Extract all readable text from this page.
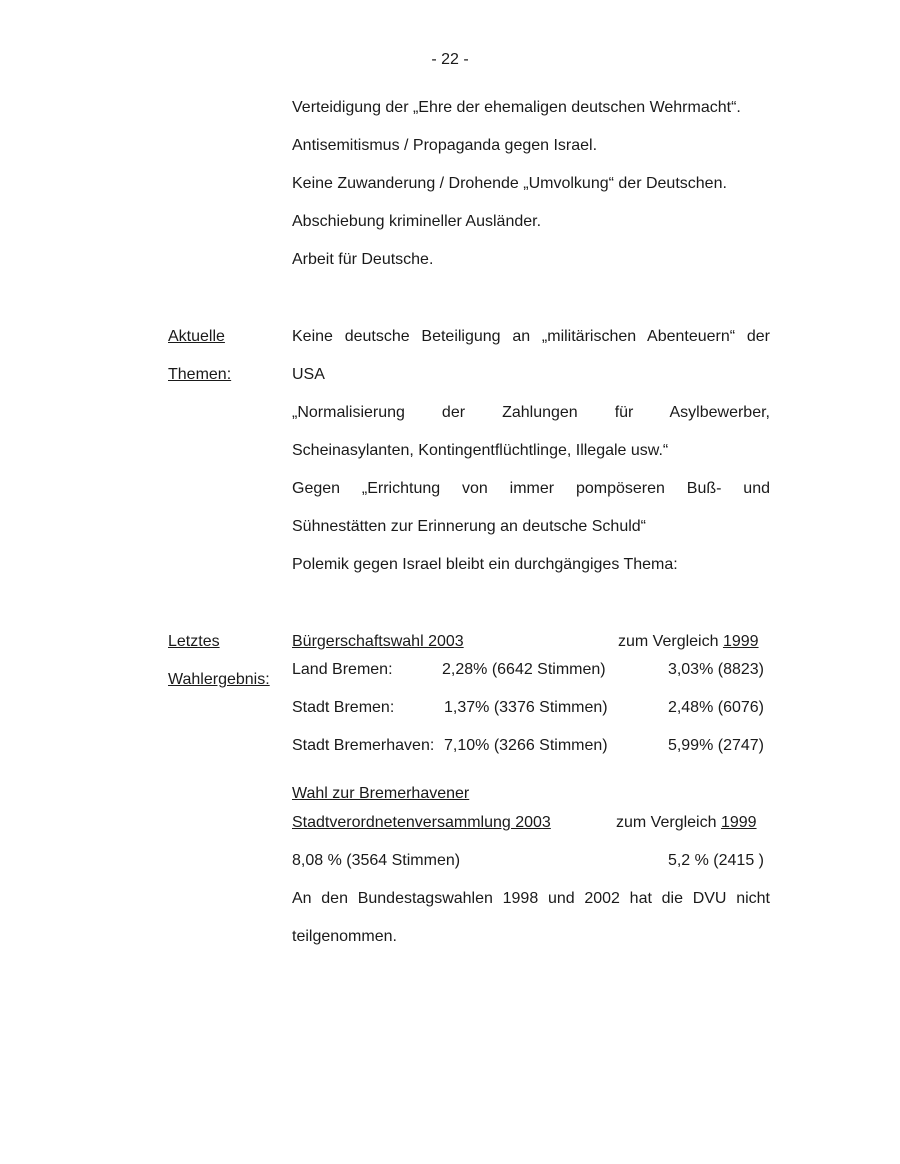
- 22 -
Verteidigung der „Ehre der ehemaligen deutschen Wehrmacht“.
Antisemitismus / Propaganda gegen Israel.
Keine Zuwanderung / Drohende „Umvolkung“ der Deutschen.
Abschiebung krimineller Ausländer.
Arbeit für Deutsche.
Aktuelle
Themen:
Keine deutsche Beteiligung an „militärischen Abenteuern“ der
USA
„Normalisierung der Zahlungen für Asylbewerber,
Scheinasylanten, Kontingentflüchtlinge, Illegale usw.“
Gegen „Errichtung von immer pompöseren Buß- und
Sühnestätten zur Erinnerung an deutsche Schuld“
Polemik gegen Israel bleibt ein durchgängiges Thema:
Letztes
Wahlergebnis:
Bürgerschaftswahl 2003	zum Vergleich 1999
Land Bremen:	2,28% (6642 Stimmen)	3,03% (8823)
Stadt Bremen:	1,37% (3376 Stimmen)	2,48% (6076)
Stadt Bremerhaven: 7,10% (3266 Stimmen)	5,99% (2747)
Wahl zur Bremerhavener
Stadtverordnetenversammlung 2003	zum Vergleich 1999
8,08 % (3564 Stimmen)	5,2 % (2415 )
An den Bundestagswahlen 1998 und 2002 hat die DVU nicht
teilgenommen.
